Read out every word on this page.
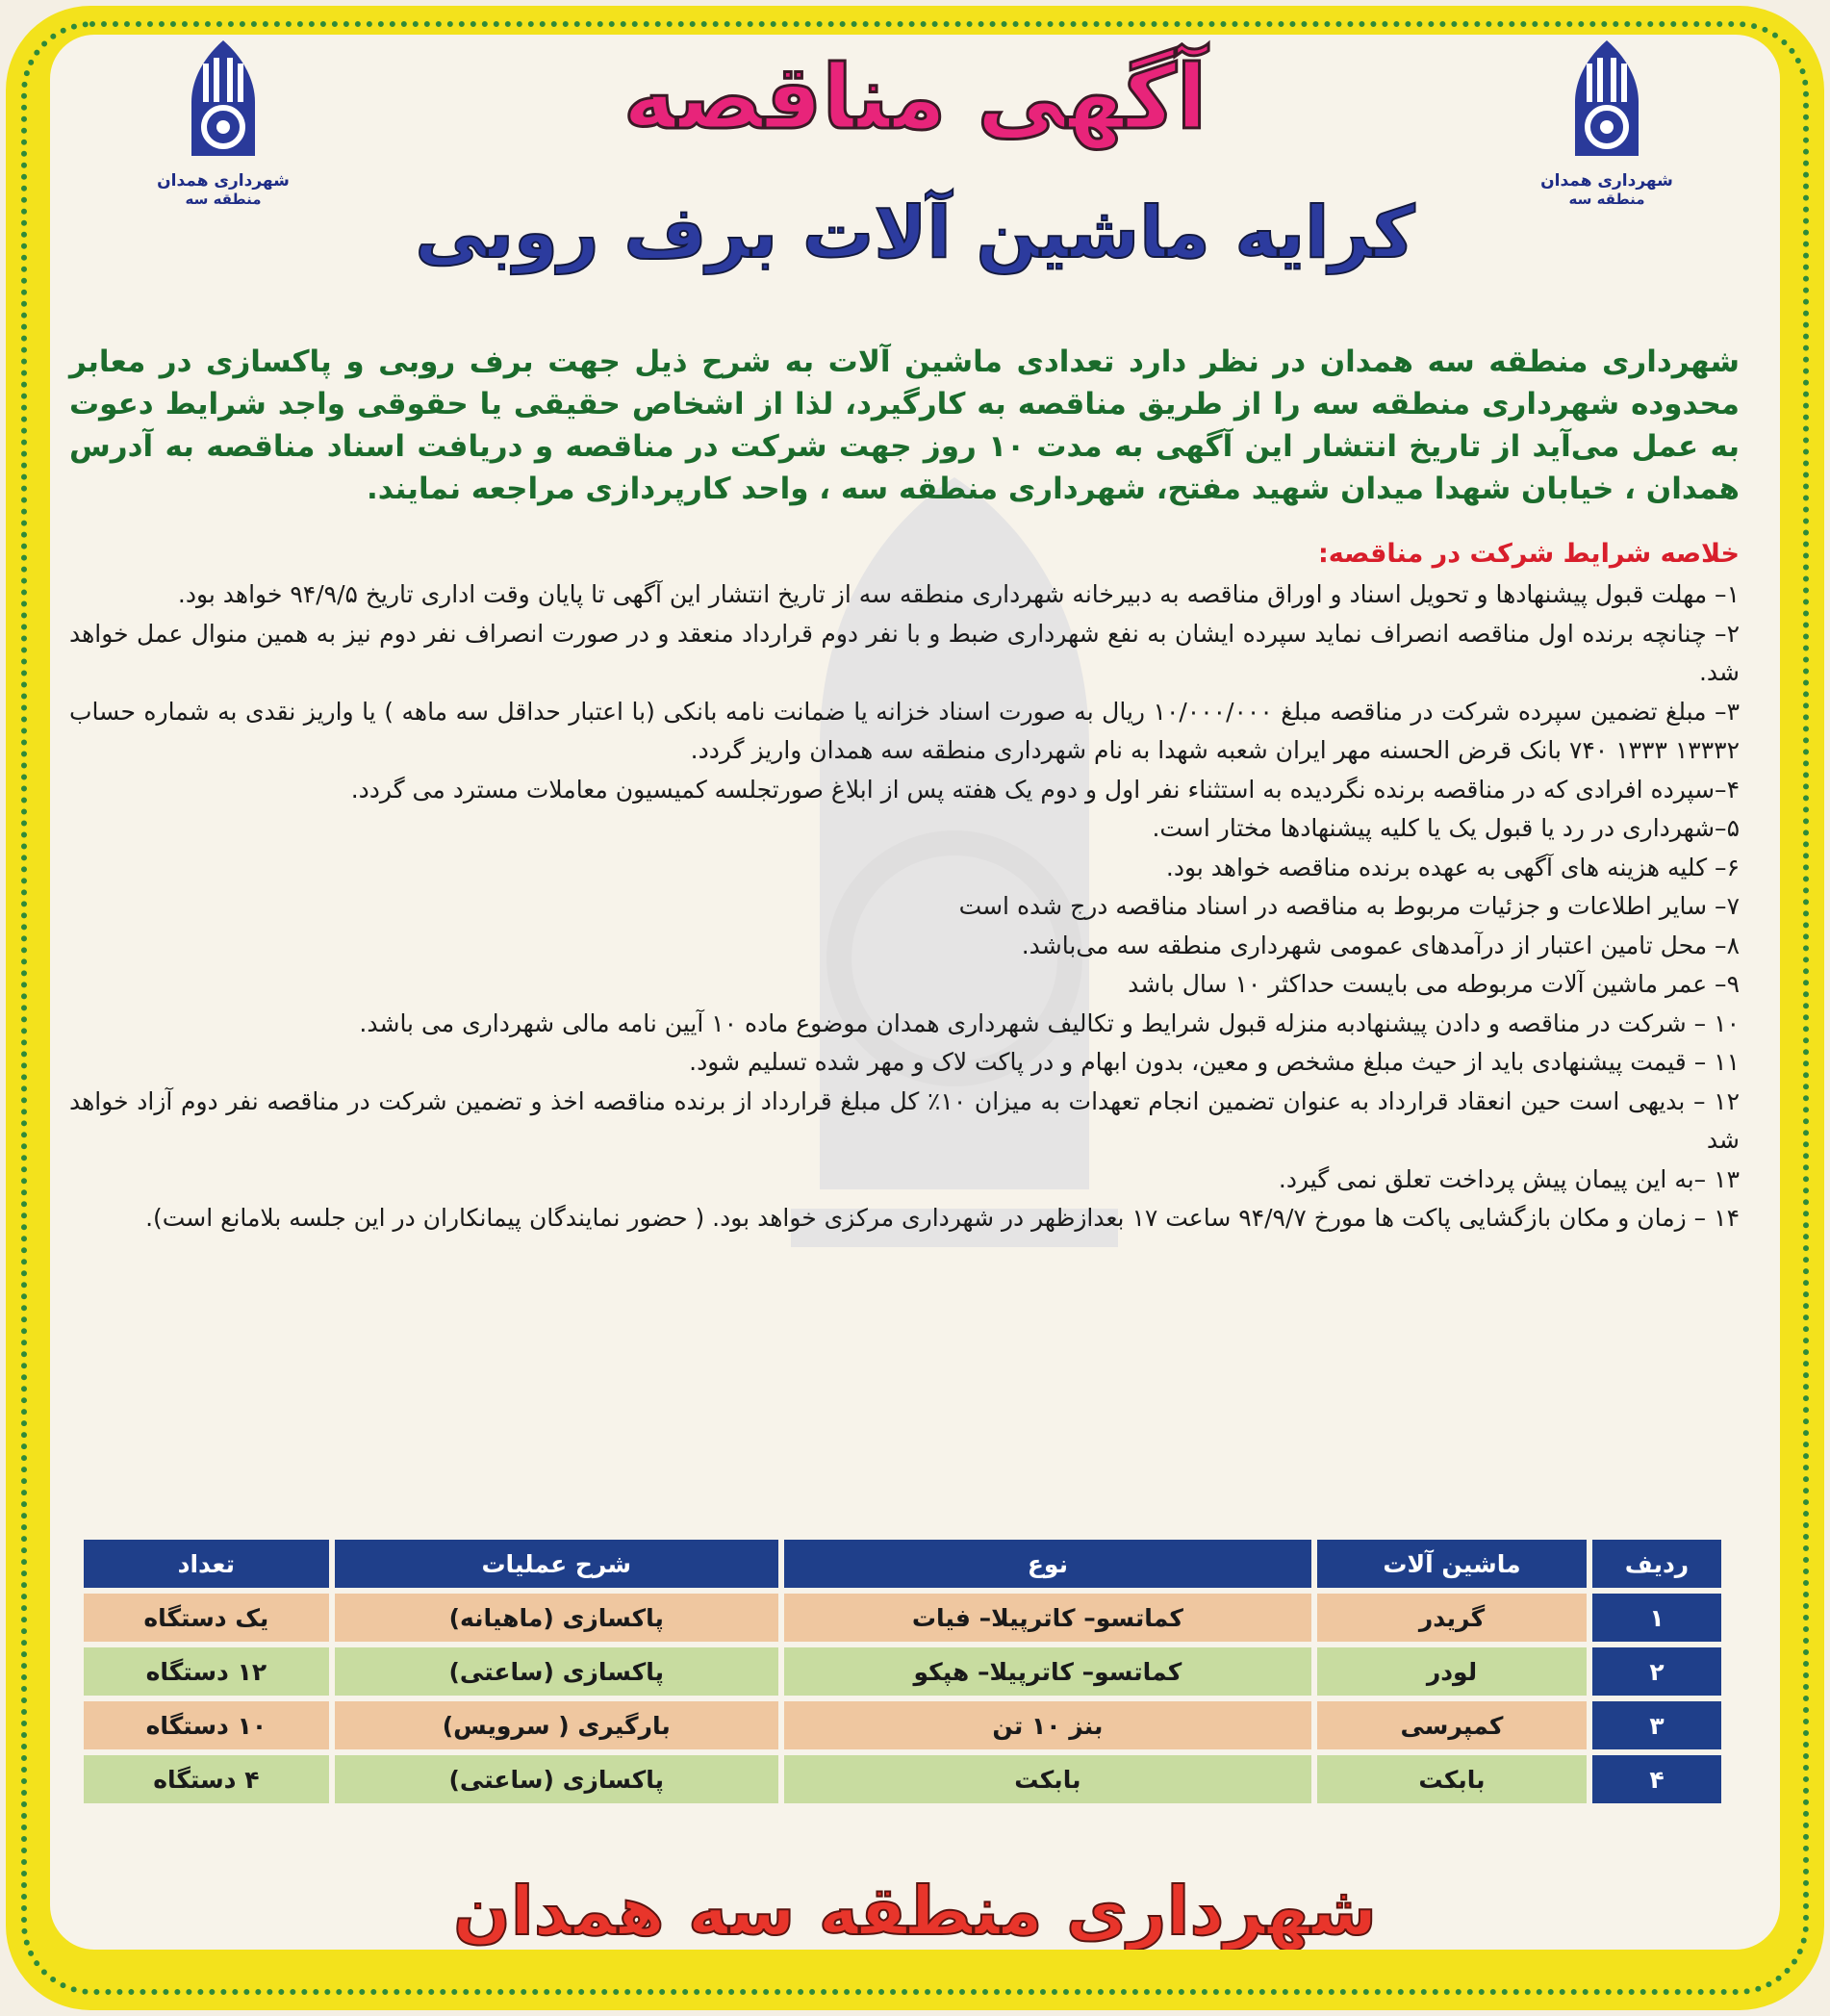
شهرداری همدان
منطقه سه
شهرداری همدان
منطقه سه
آگهی مناقصه
کرایه ماشین آلات برف روبی
شهرداری منطقه سه همدان در نظر دارد تعدادی ماشین آلات به شرح ذیل جهت برف روبی و پاکسازی در معابر محدوده شهرداری منطقه سه را از طریق مناقصه به کارگیرد، لذا از اشخاص حقیقی یا حقوقی واجد شرایط دعوت به عمل می‌آید از تاریخ انتشار این آگهی به مدت ۱۰ روز جهت شرکت در مناقصه و دریافت اسناد مناقصه به آدرس همدان ، خیابان شهدا میدان شهید مفتح، شهرداری منطقه سه ، واحد کارپردازی مراجعه نمایند.
خلاصه شرایط شرکت در مناقصه:

۱– مهلت قبول پیشنهادها و تحویل اسناد و اوراق مناقصه به دبیرخانه شهرداری منطقه سه از تاریخ انتشار این آگهی تا پایان وقت اداری تاریخ ۹۴/۹/۵ خواهد بود.

۲– چنانچه برنده اول مناقصه انصراف نماید سپرده ایشان به نفع شهرداری ضبط و با نفر دوم قرارداد منعقد و در صورت انصراف نفر دوم نیز به همین منوال عمل خواهد شد.

۳– مبلغ تضمین سپرده شرکت در مناقصه مبلغ ۱۰/۰۰۰/۰۰۰ ریال به صورت اسناد خزانه یا ضمانت نامه بانکی (با اعتبار حداقل سه ماهه ) یا واریز نقدی به شماره حساب ۱۳۳۳۲ ۱۳۳۳ ۷۴۰ بانک قرض الحسنه مهر ایران شعبه شهدا به نام شهرداری منطقه سه همدان واریز گردد.

۴–سپرده افرادی که در مناقصه برنده نگردیده به استثناء نفر اول و دوم یک هفته پس از ابلاغ صورتجلسه کمیسیون معاملات مسترد می گردد.

۵–شهرداری در رد یا قبول یک یا کلیه پیشنهادها مختار است.

۶– کلیه هزینه های آگهی به عهده برنده مناقصه خواهد بود.

۷– سایر اطلاعات و جزئیات مربوط به مناقصه در اسناد مناقصه درج شده است

۸– محل تامین اعتبار از درآمدهای عمومی شهرداری منطقه سه می‌باشد.

۹– عمر ماشین آلات مربوطه می بایست حداکثر ۱۰ سال باشد

۱۰ – شرکت در مناقصه و دادن پیشنهادبه منزله قبول شرایط و تکالیف شهرداری همدان موضوع ماده ۱۰ آیین نامه مالی شهرداری می باشد.

۱۱ – قیمت پیشنهادی باید از حیث مبلغ مشخص و معین، بدون ابهام و در پاکت لاک و مهر شده تسلیم شود.

۱۲ – بدیهی است حین انعقاد قرارداد به عنوان تضمین انجام تعهدات به میزان ۱۰٪ کل مبلغ قرارداد از برنده مناقصه اخذ و تضمین شرکت در مناقصه نفر دوم آزاد خواهد شد

۱۳ –به این پیمان پیش پرداخت تعلق نمی گیرد.

۱۴ – زمان و مکان بازگشایی پاکت ها مورخ ۹۴/۹/۷ ساعت ۱۷ بعدازظهر در شهرداری مرکزی خواهد بود. ( حضور نمایندگان پیمانکاران در این جلسه بلامانع است).

ردیف	ماشین آلات	نوع	شرح عملیات	تعداد
۱	گریدر	کماتسو– کاترپیلا– فیات	پاکسازی (ماهیانه)	یک دستگاه
۲	لودر	کماتسو– کاترپیلا– هپکو	پاکسازی (ساعتی)	۱۲ دستگاه
۳	کمپرسی	بنز ۱۰ تن	بارگیری ( سرویس)	۱۰ دستگاه
۴	بابکت	بابکت	پاکسازی (ساعتی)	۴ دستگاه
شهرداری منطقه سه همدان
